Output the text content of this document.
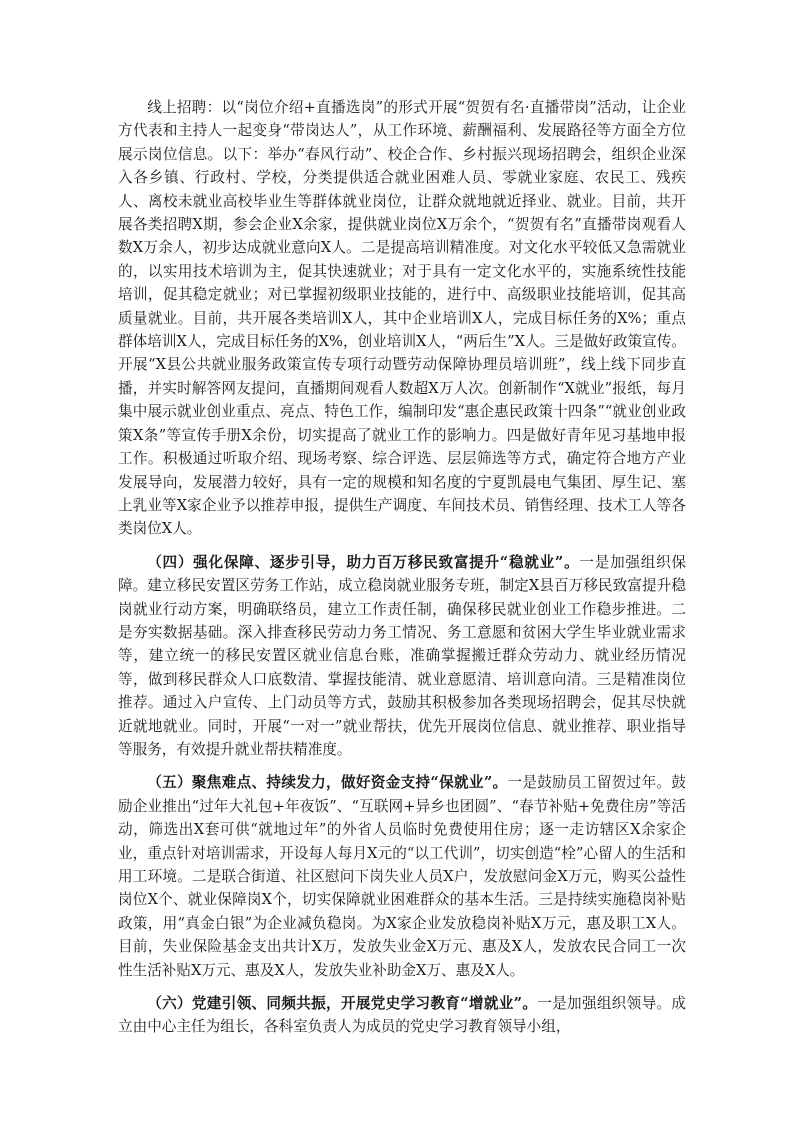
线上招聘：以“岗位介绍+直播选岗”的形式开展“贺贺有名·直播带岗”活动，让企业方代表和主持人一起变身“带岗达人”，从工作环境、薪酬福利、发展路径等方面全方位展示岗位信息。以下：举办“春风行动”、校企合作、乡村振兴现场招聘会，组织企业深入各乡镇、行政村、学校，分类提供适合就业困难人员、零就业家庭、农民工、残疾人、离校未就业高校毕业生等群体就业岗位，让群众就地就近择业、就业。目前，共开展各类招聘X期，参会企业X余家，提供就业岗位X万余个，“贺贺有名”直播带岗观看人数X万余人，初步达成就业意向X人。二是提高培训精准度。对文化水平较低又急需就业的，以实用技术培训为主，促其快速就业；对于具有一定文化水平的，实施系统性技能培训，促其稳定就业；对已掌握初级职业技能的，进行中、高级职业技能培训，促其高质量就业。目前，共开展各类培训X人，其中企业培训X人，完成目标任务的X%；重点群体培训X人，完成目标任务的X%，创业培训X人，“两后生”X人。三是做好政策宣传。开展“X县公共就业服务政策宣传专项行动暨劳动保障协理员培训班”，线上线下同步直播，并实时解答网友提问，直播期间观看人数超X万人次。创新制作“X就业”报纸，每月集中展示就业创业重点、亮点、特色工作，编制印发“惠企惠民政策十四条”“就业创业政策X条”等宣传手册X余份，切实提高了就业工作的影响力。四是做好青年见习基地申报工作。积极通过听取介绍、现场考察、综合评选、层层筛选等方式，确定符合地方产业发展导向，发展潜力较好，具有一定的规模和知名度的宁夏凯晨电气集团、厚生记、塞上乳业等X家企业予以推荐申报，提供生产调度、车间技术员、销售经理、技术工人等各类岗位X人。

（四）强化保障、逐步引导，助力百万移民致富提升“稳就业”。一是加强组织保障。建立移民安置区劳务工作站，成立稳岗就业服务专班，制定X县百万移民致富提升稳岗就业行动方案，明确联络员，建立工作责任制，确保移民就业创业工作稳步推进。二是夯实数据基础。深入排查移民劳动力务工情况、务工意愿和贫困大学生毕业就业需求等，建立统一的移民安置区就业信息台账，准确掌握搬迁群众劳动力、就业经历情况等，做到移民群众人口底数清、掌握技能清、就业意愿清、培训意向清。三是精准岗位推荐。通过入户宣传、上门动员等方式，鼓励其积极参加各类现场招聘会，促其尽快就近就地就业。同时，开展“一对一”就业帮扶，优先开展岗位信息、就业推荐、职业指导等服务，有效提升就业帮扶精准度。

（五）聚焦难点、持续发力，做好资金支持“保就业”。一是鼓励员工留贺过年。鼓励企业推出“过年大礼包+年夜饭”、“互联网+异乡也团圆”、“春节补贴+免费住房”等活动，筛选出X套可供“就地过年”的外省人员临时免费使用住房；逐一走访辖区X余家企业，重点针对培训需求，开设每人每月X元的“以工代训”，切实创造“栓”心留人的生活和用工环境。二是联合街道、社区慰问下岗失业人员X户，发放慰问金X万元，购买公益性岗位X个、就业保障岗X个，切实保障就业困难群众的基本生活。三是持续实施稳岗补贴政策，用“真金白银”为企业减负稳岗。为X家企业发放稳岗补贴X万元，惠及职工X人。目前，失业保险基金支出共计X万，发放失业金X万元、惠及X人，发放农民合同工一次性生活补贴X万元、惠及X人，发放失业补助金X万、惠及X人。

（六）党建引领、同频共振，开展党史学习教育“增就业”。一是加强组织领导。成立由中心主任为组长，各科室负责人为成员的党史学习教育领导小组，
